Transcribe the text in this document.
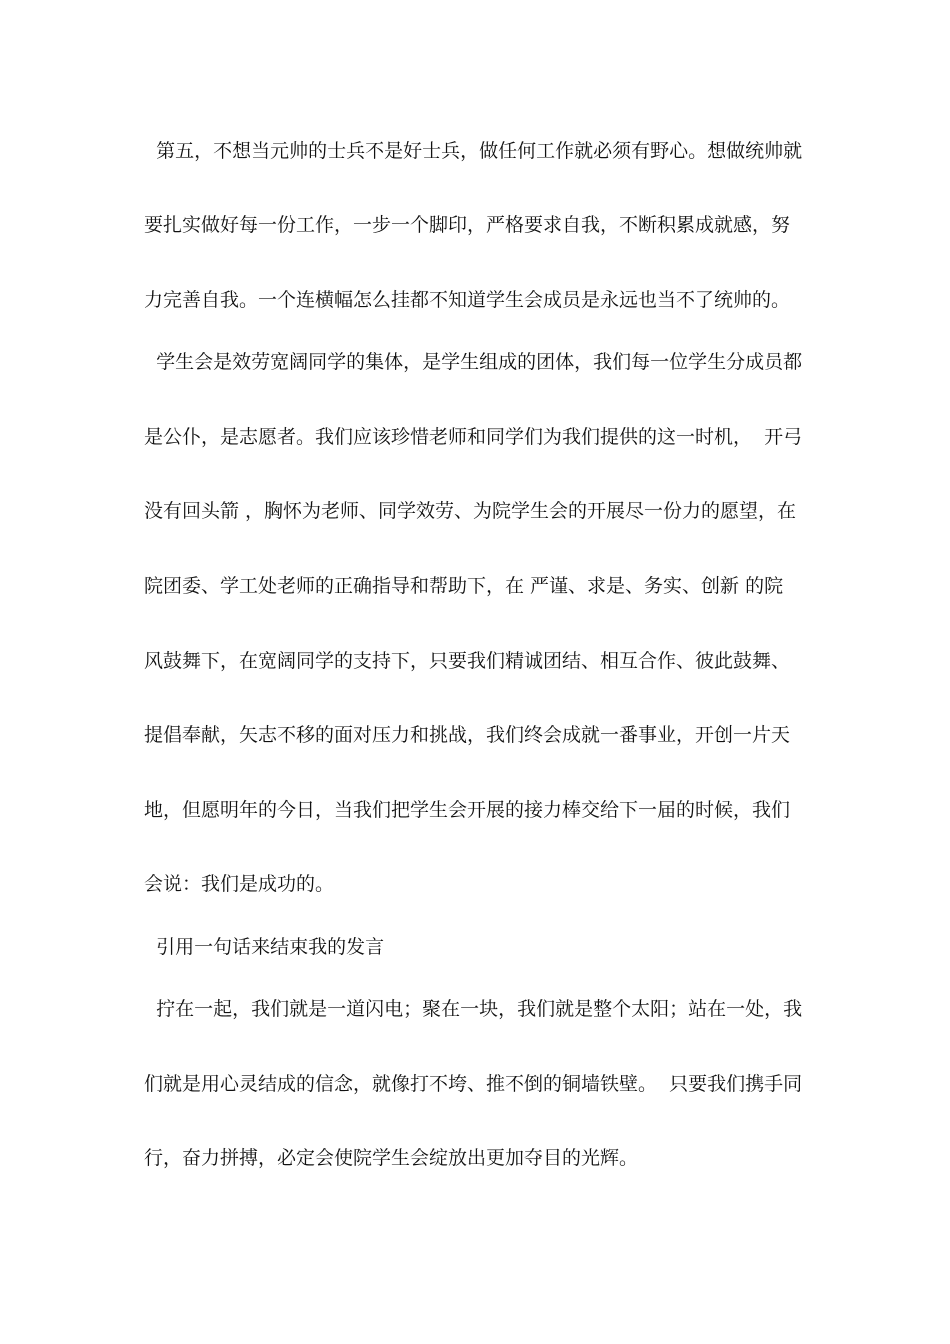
第五，不想当元帅的士兵不是好士兵，做任何工作就必须有野心。想做统帅就
要扎实做好每一份工作，一步一个脚印，严格要求自我，不断积累成就感，努
力完善自我。一个连横幅怎么挂都不知道学生会成员是永远也当不了统帅的。
学生会是效劳宽阔同学的集体，是学生组成的团体，我们每一位学生分成员都
是公仆，是志愿者。我们应该珍惜老师和同学们为我们提供的这一时机，  开弓
没有回头箭 ，胸怀为老师、同学效劳、为院学生会的开展尽一份力的愿望，在
院团委、学工处老师的正确指导和帮助下，在 严谨、求是、务实、创新 的院
风鼓舞下，在宽阔同学的支持下，只要我们精诚团结、相互合作、彼此鼓舞、
提倡奉献，矢志不移的面对压力和挑战，我们终会成就一番事业，开创一片天
地，但愿明年的今日，当我们把学生会开展的接力棒交给下一届的时候，我们
会说：我们是成功的。
引用一句话来结束我的发言
拧在一起，我们就是一道闪电；聚在一块，我们就是整个太阳；站在一处，我
们就是用心灵结成的信念，就像打不垮、推不倒的铜墙铁壁。  只要我们携手同
行，奋力拼搏，必定会使院学生会绽放出更加夺目的光辉。
